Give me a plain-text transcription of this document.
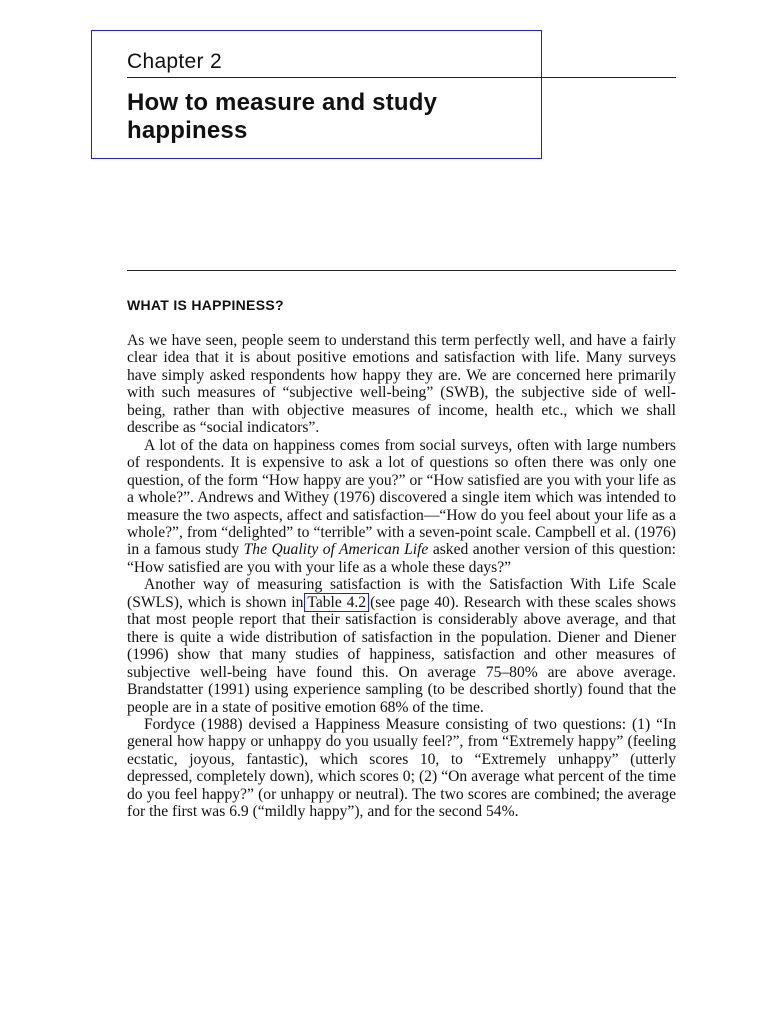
Chapter 2
How to measure and study happiness
WHAT IS HAPPINESS?

As we have seen, people seem to understand this term perfectly well, and have a fairly clear idea that it is about positive emotions and satisfaction with life. Many surveys have simply asked respondents how happy they are. We are concerned here primarily with such measures of “subjective well-being” (SWB), the subjective side of well-being, rather than with objective measures of income, health etc., which we shall describe as “social indicators”.

A lot of the data on happiness comes from social surveys, often with large numbers of respondents. It is expensive to ask a lot of questions so often there was only one question, of the form “How happy are you?” or “How satisfied are you with your life as a whole?”. Andrews and Withey (1976) discovered a single item which was intended to measure the two aspects, affect and satisfaction—“How do you feel about your life as a whole?”, from “delighted” to “terrible” with a seven-point scale. Campbell et al. (1976) in a famous study The Quality of American Life asked another version of this question: “How satisfied are you with your life as a whole these days?”

Another way of measuring satisfaction is with the Satisfaction With Life Scale (SWLS), which is shown in Table 4.2 (see page 40). Research with these scales shows that most people report that their satisfaction is considerably above average, and that there is quite a wide distribution of satisfaction in the population. Diener and Diener (1996) show that many studies of happiness, satisfaction and other measures of subjective well-being have found this. On average 75–80% are above average. Brandstatter (1991) using experience sampling (to be described shortly) found that the people are in a state of positive emotion 68% of the time.

Fordyce (1988) devised a Happiness Measure consisting of two questions: (1) “In general how happy or unhappy do you usually feel?”, from “Extremely happy” (feeling ecstatic, joyous, fantastic), which scores 10, to “Extremely unhappy” (utterly depressed, completely down), which scores 0; (2) “On average what percent of the time do you feel happy?” (or unhappy or neutral). The two scores are combined; the average for the first was 6.9 (“mildly happy”), and for the second 54%.
